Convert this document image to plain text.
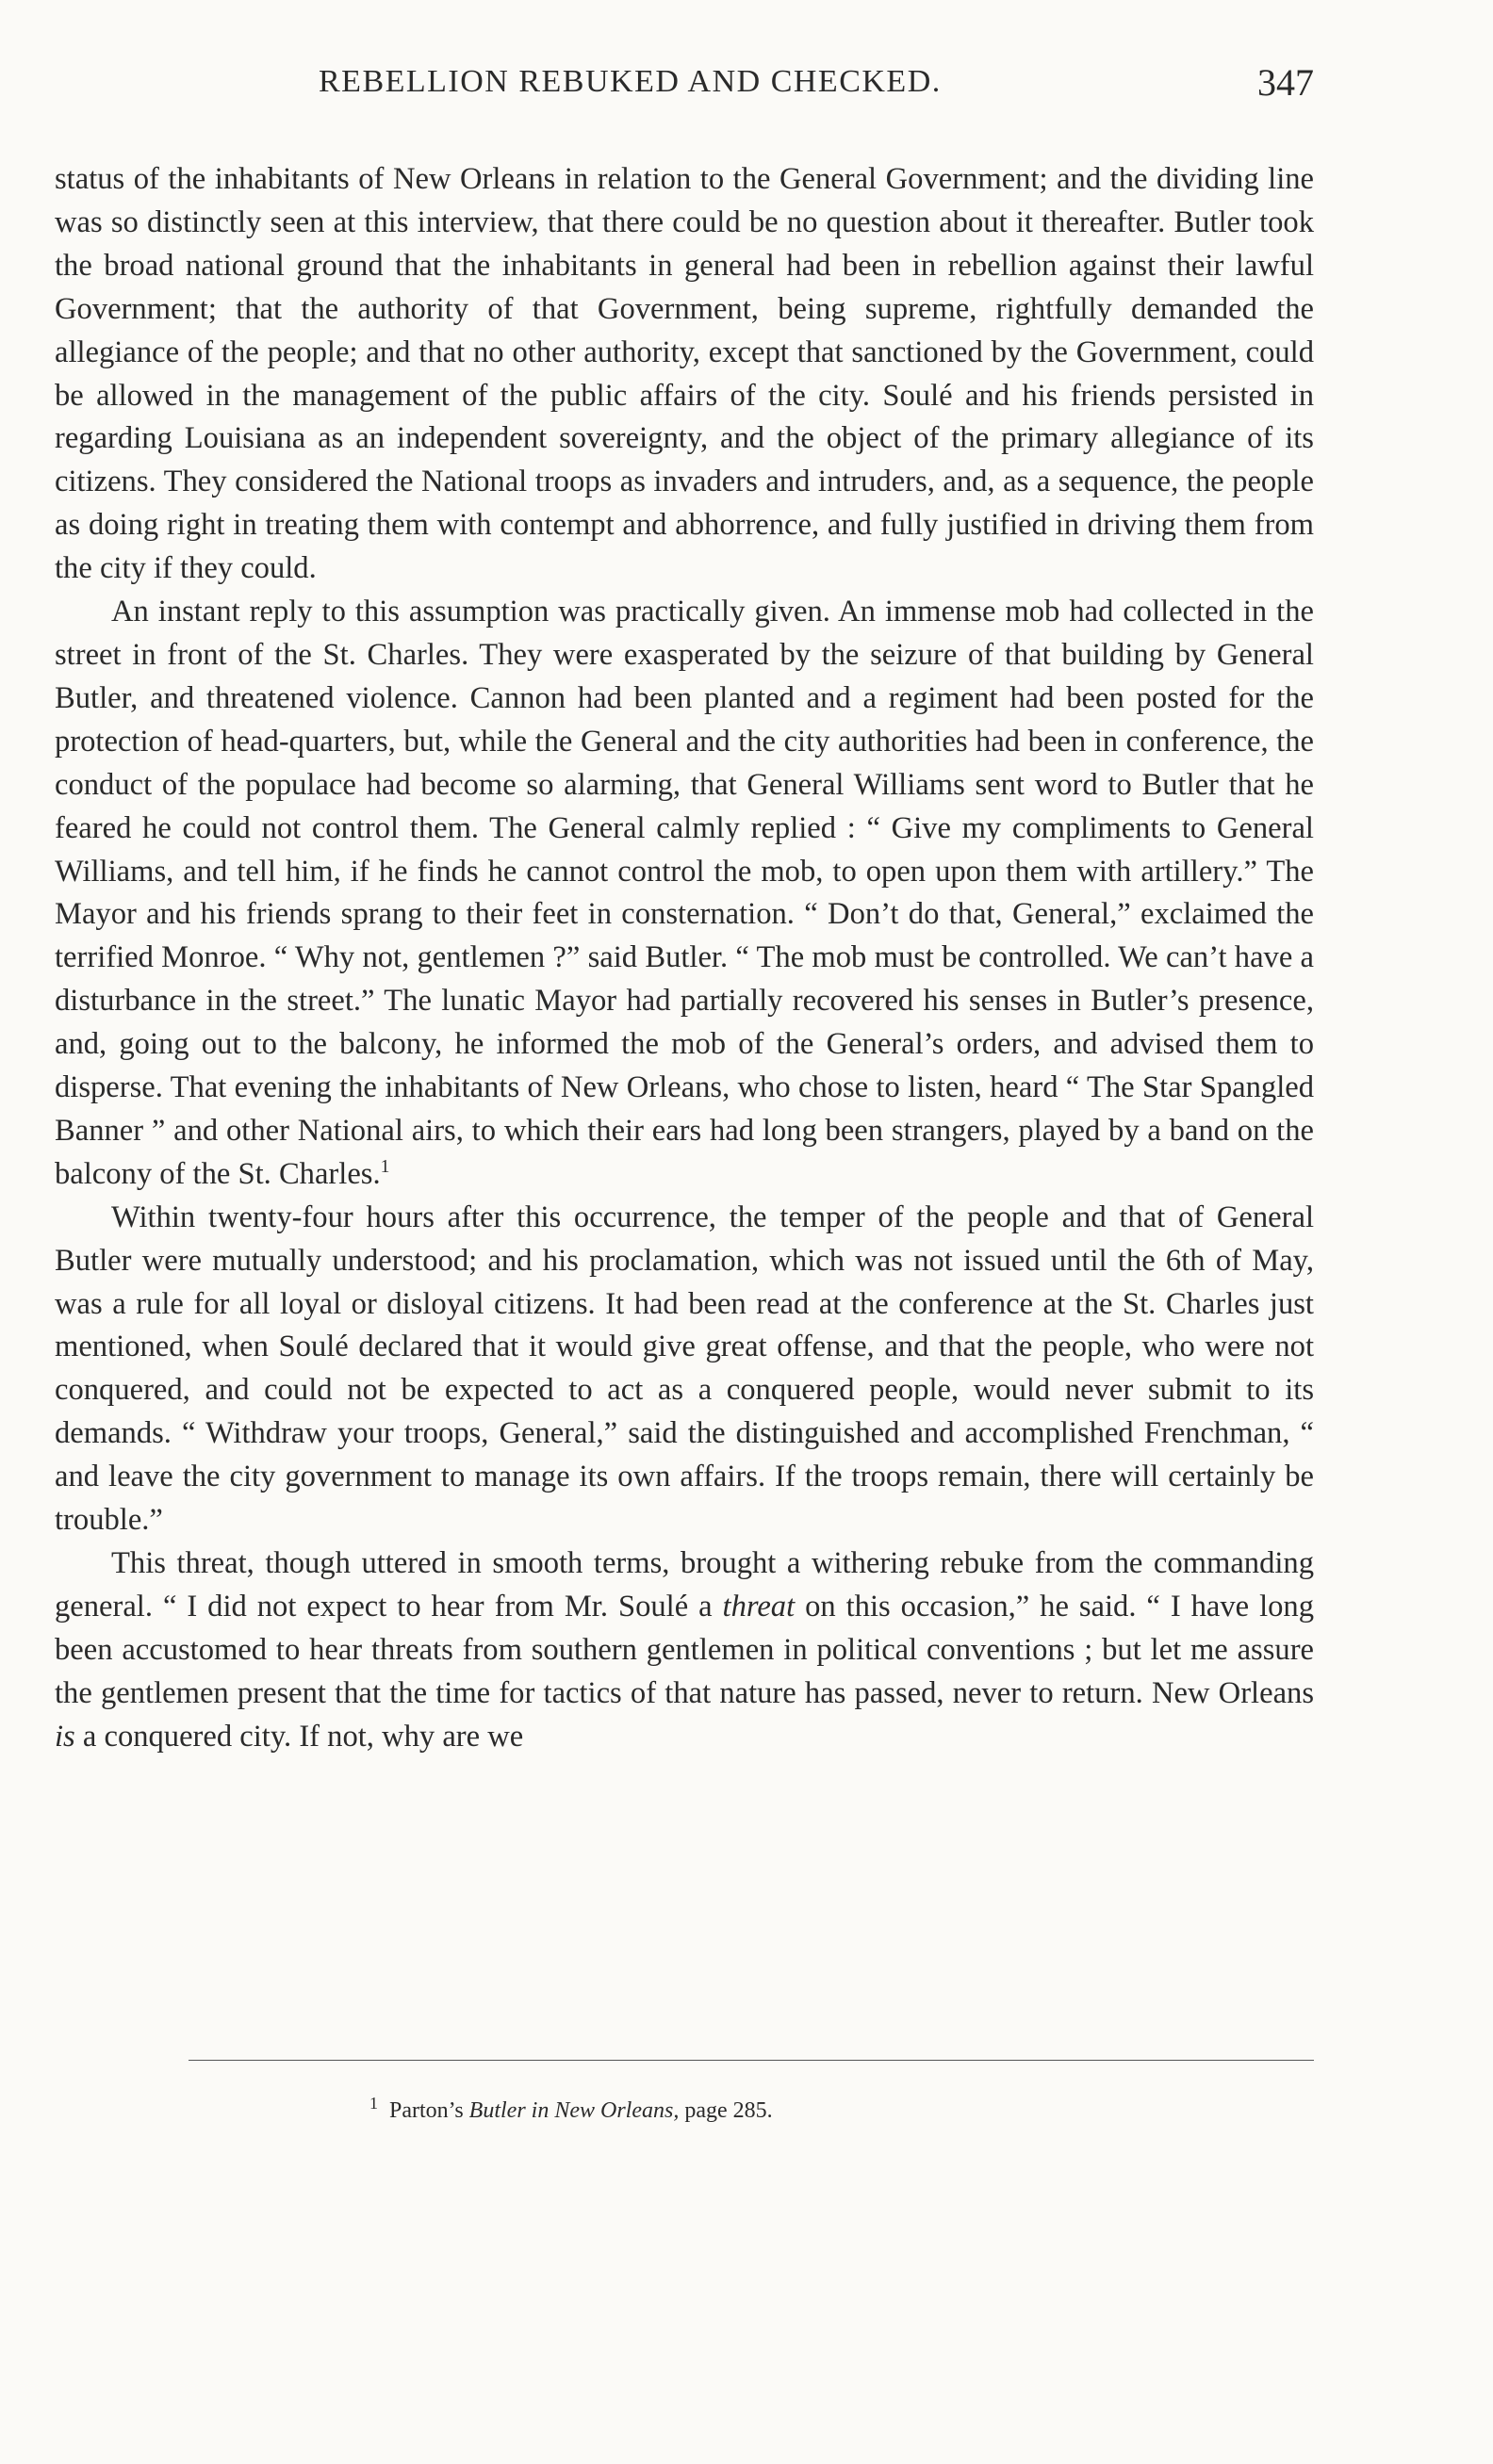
REBELLION REBUKED AND CHECKED.	347

status of the inhabitants of New Orleans in relation to the General Government; and the dividing line was so distinctly seen at this interview, that there could be no question about it thereafter. Butler took the broad national ground that the inhabitants in general had been in rebellion against their lawful Government; that the authority of that Government, being supreme, rightfully demanded the allegiance of the people; and that no other authority, except that sanctioned by the Government, could be allowed in the management of the public affairs of the city. Soulé and his friends persisted in regarding Louisiana as an independent sovereignty, and the object of the primary allegiance of its citizens. They considered the National troops as invaders and intruders, and, as a sequence, the people as doing right in treating them with contempt and abhorrence, and fully justified in driving them from the city if they could.

An instant reply to this assumption was practically given. An immense mob had collected in the street in front of the St. Charles. They were exasperated by the seizure of that building by General Butler, and threatened violence. Cannon had been planted and a regiment had been posted for the protection of head-quarters, but, while the General and the city authorities had been in conference, the conduct of the populace had become so alarming, that General Williams sent word to Butler that he feared he could not control them. The General calmly replied : “ Give my compliments to General Williams, and tell him, if he finds he cannot control the mob, to open upon them with artillery.” The Mayor and his friends sprang to their feet in consternation. “ Don’t do that, General,” exclaimed the terrified Monroe. “ Why not, gentlemen ?” said Butler. “ The mob must be controlled. We can’t have a disturbance in the street.” The lunatic Mayor had partially recovered his senses in Butler’s presence, and, going out to the balcony, he informed the mob of the General’s orders, and advised them to disperse. That evening the inhabitants of New Orleans, who chose to listen, heard “ The Star Spangled Banner ” and other National airs, to which their ears had long been strangers, played by a band on the balcony of the St. Charles.$^1$

Within twenty-four hours after this occurrence, the temper of the people and that of General Butler were mutually understood; and his proclamation, which was not issued until the 6th of May, was a rule for all loyal or disloyal citizens. It had been read at the conference at the St. Charles just mentioned, when Soulé declared that it would give great offense, and that the people, who were not conquered, and could not be expected to act as a conquered people, would never submit to its demands. “ Withdraw your troops, General,” said the distinguished and accomplished Frenchman, “ and leave the city government to manage its own affairs. If the troops remain, there will certainly be trouble.”

This threat, though uttered in smooth terms, brought a withering rebuke from the commanding general. “ I did not expect to hear from Mr. Soulé a threat on this occasion,” he said. “ I have long been accustomed to hear threats from southern gentlemen in political conventions ; but let me assure the gentlemen present that the time for tactics of that nature has passed, never to return. New Orleans is a conquered city. If not, why are we

$^1$ Parton’s Butler in New Orleans, page 285.
